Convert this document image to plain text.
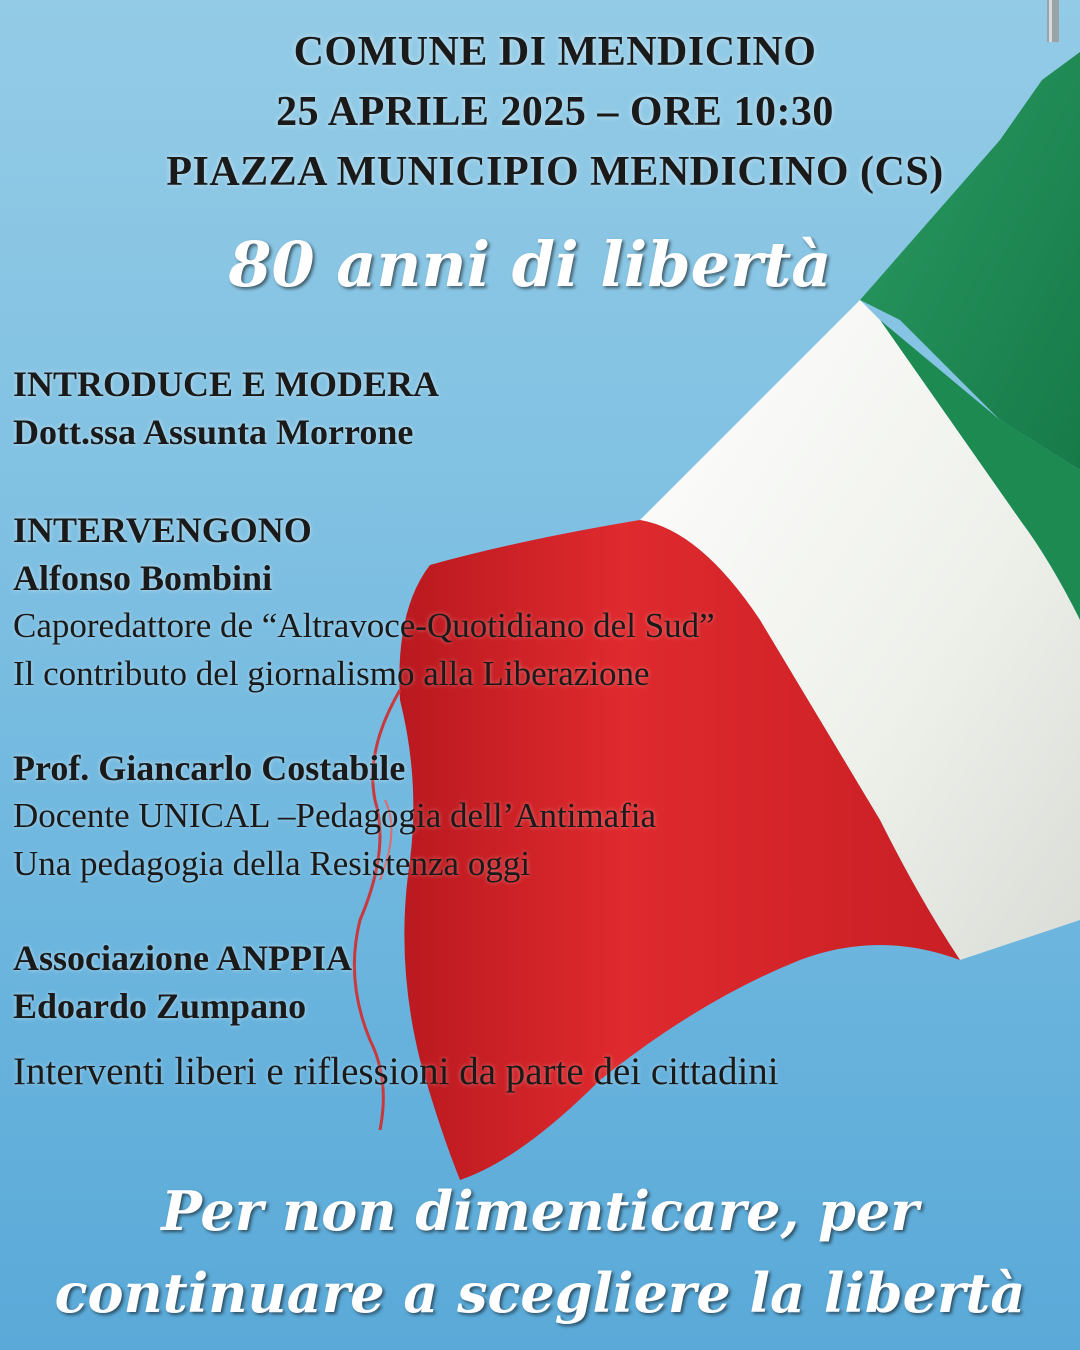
COMUNE DI MENDICINO
25 APRILE 2025 – ORE 10:30
PIAZZA MUNICIPIO MENDICINO (CS)
80 anni di libertà
INTRODUCE E MODERA
Dott.ssa Assunta Morrone
INTERVENGONO
Alfonso Bombini
Caporedattore de “Altravoce-Quotidiano del Sud”
Il contributo del giornalismo alla Liberazione
Prof. Giancarlo Costabile
Docente UNICAL –Pedagogia dell’Antimafia
Una pedagogia della Resistenza oggi
Associazione ANPPIA
Edoardo Zumpano
Interventi liberi e riflessioni da parte dei cittadini
Per non dimenticare, per
continuare a scegliere la libertà
